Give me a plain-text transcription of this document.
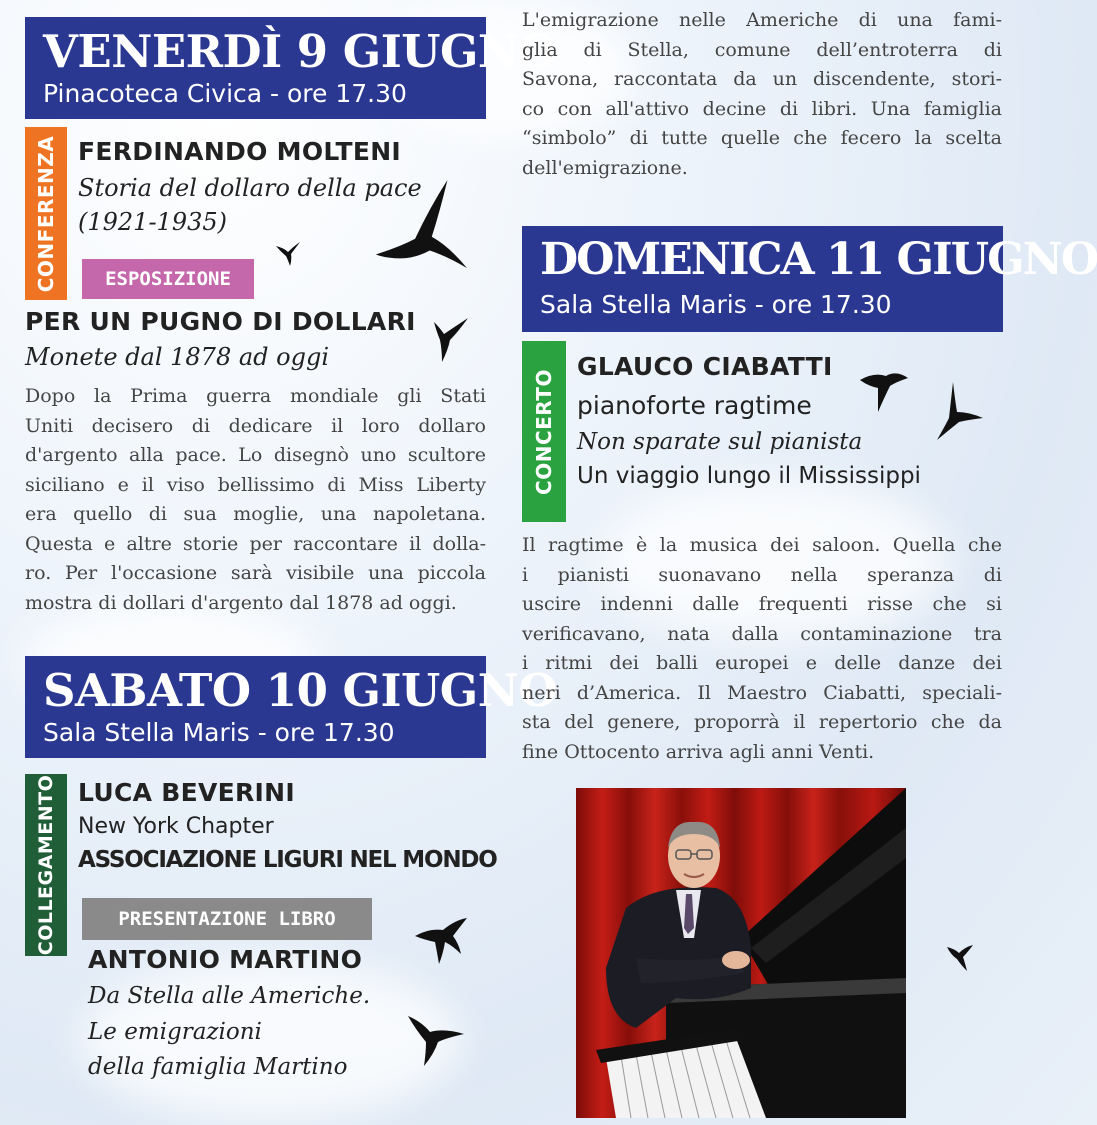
VENERDÌ 9 GIUGNO
Pinacoteca Civica - ore 17.30
CONFERENZA FERDINANDO MOLTENI
Storia del dollaro della pace
(1921-1935)
ESPOSIZIONE
PER UN PUGNO DI DOLLARI
Monete dal 1878 ad oggi
Dopo la Prima guerra mondiale gli Stati
Uniti decisero di dedicare il loro dollaro
d'argento alla pace. Lo disegnò uno scultore
siciliano e il viso bellissimo di Miss Liberty
era quello di sua moglie, una napoletana.
Questa e altre storie per raccontare il dolla-
ro. Per l'occasione sarà visibile una piccola
mostra di dollari d'argento dal 1878 ad oggi.
SABATO 10 GIUGNO
Sala Stella Maris - ore 17.30
COLLEGAMENTO LUCA BEVERINI
New York Chapter
ASSOCIAZIONE LIGURI NEL MONDO
PRESENTAZIONE LIBRO
ANTONIO MARTINO
Da Stella alle Americhe.
Le emigrazioni
della famiglia Martino
L'emigrazione nelle Americhe di una fami-
glia di Stella, comune dell’entroterra di
Savona, raccontata da un discendente, stori-
co con all'attivo decine di libri. Una famiglia
“simbolo” di tutte quelle che fecero la scelta
dell'emigrazione.
DOMENICA 11 GIUGNO
Sala Stella Maris - ore 17.30
CONCERTO
GLAUCO CIABATTI
pianoforte ragtime
Non sparate sul pianista
Un viaggio lungo il Mississippi
Il ragtime è la musica dei saloon. Quella che
i pianisti suonavano nella speranza di
uscire indenni dalle frequenti risse che si
verificavano, nata dalla contaminazione tra
i ritmi dei balli europei e delle danze dei
neri d’America. Il Maestro Ciabatti, speciali-
sta del genere, proporrà il repertorio che da
fine Ottocento arriva agli anni Venti.
